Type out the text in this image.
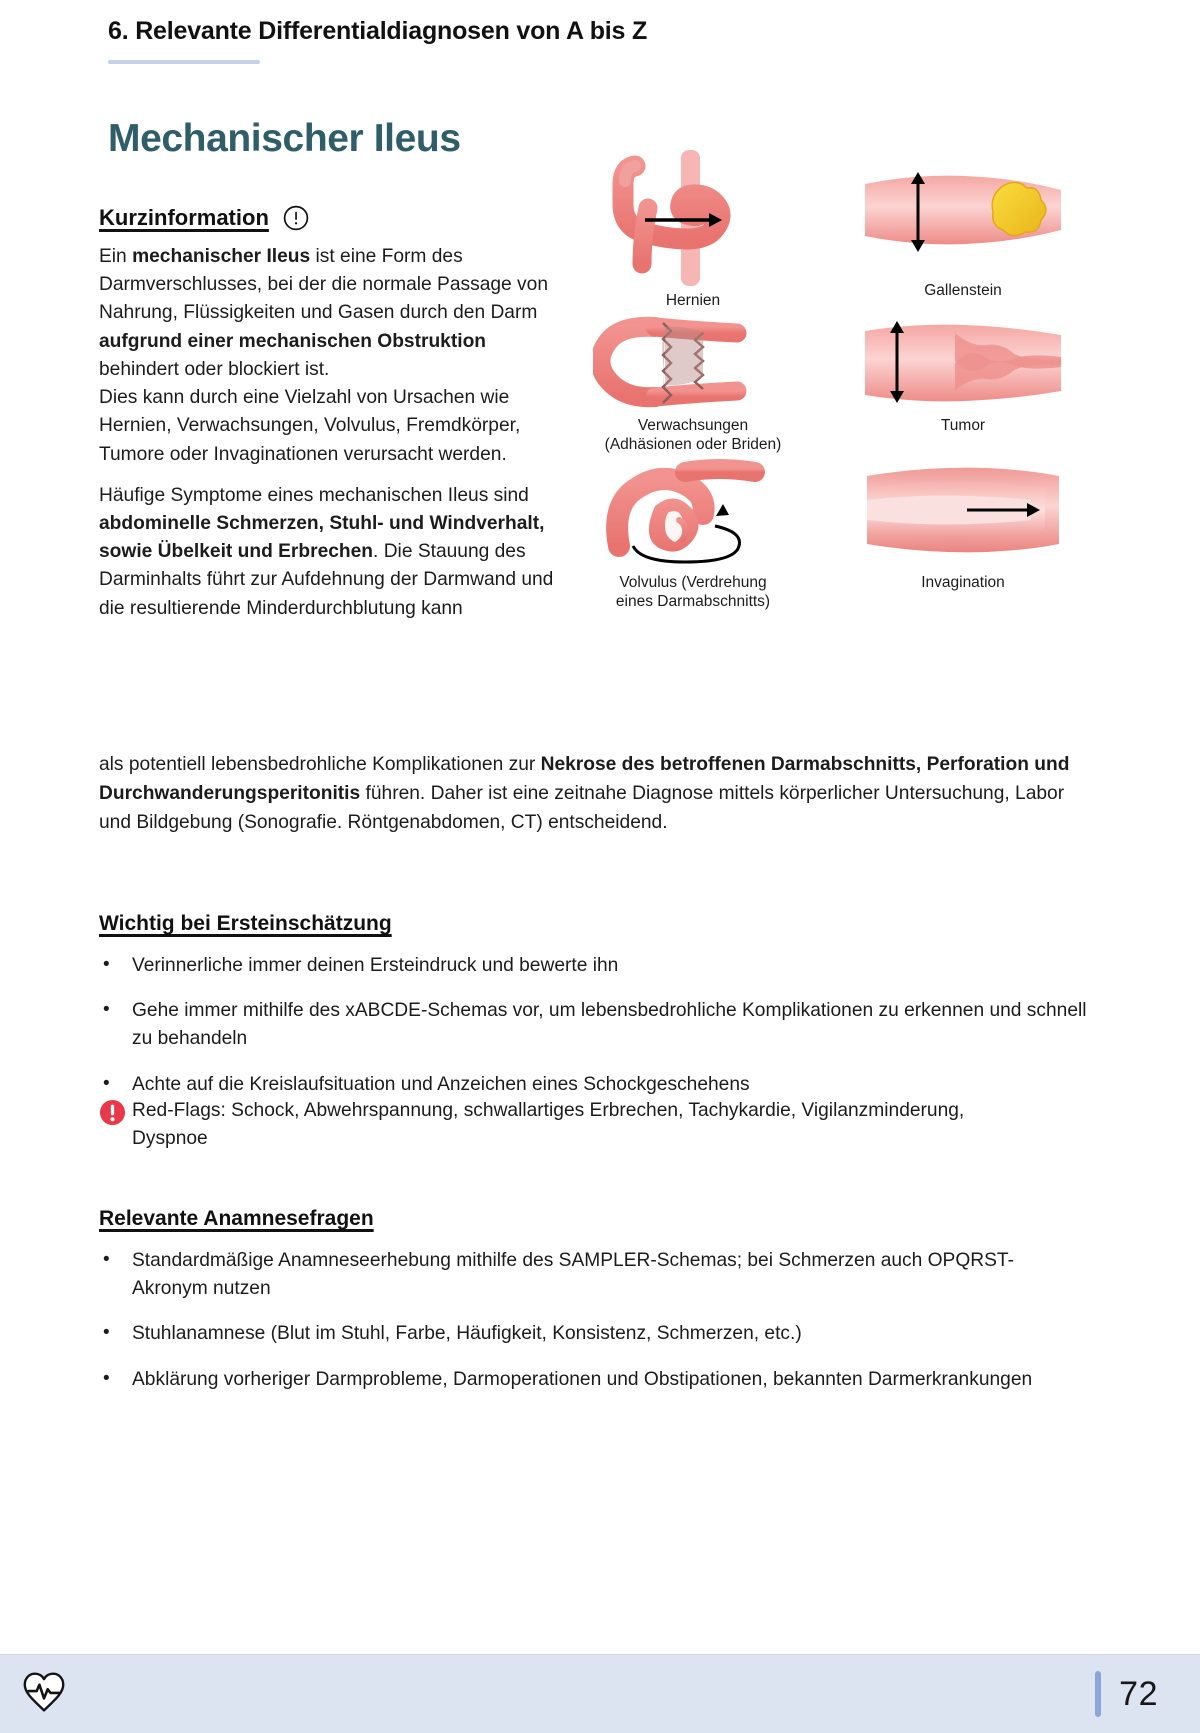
6. Relevante Differentialdiagnosen von A bis Z
Mechanischer Ileus
Kurzinformation

Ein mechanischer Ileus ist eine Form des Darmverschlusses, bei der die normale Passage von Nahrung, Flüssigkeiten und Gasen durch den Darm aufgrund einer mechanischen Obstruktion behindert oder blockiert ist.
Dies kann durch eine Vielzahl von Ursachen wie Hernien, Verwachsungen, Volvulus, Fremdkörper, Tumore oder Invaginationen verursacht werden.

Häufige Symptome eines mechanischen Ileus sind abdominelle Schmerzen, Stuhl- und Windverhalt, sowie Übelkeit und Erbrechen. Die Stauung des Darminhalts führt zur Aufdehnung der Darmwand und die resultierende Minderdurchblutung kann

als potentiell lebensbedrohliche Komplikationen zur Nekrose des betroffenen Darmabschnitts, Perforation und Durchwanderungsperitonitis führen. Daher ist eine zeitnahe Diagnose mittels körperlicher Untersuchung, Labor und Bildgebung (Sonografie. Röntgenabdomen, CT) entscheidend.
Hernien
Gallenstein
Verwachsungen
(Adhäsionen oder Briden)
Tumor
Volvulus (Verdrehung
eines Darmabschnitts)
Invagination
Wichtig bei Ersteinschätzung
• Verinnerliche immer deinen Ersteindruck und bewerte ihn
• Gehe immer mithilfe des xABCDE-Schemas vor, um lebensbedrohliche Komplikationen zu erkennen und schnell zu behandeln
• Achte auf die Kreislaufsituation und Anzeichen eines Schockgeschehens
Red-Flags: Schock, Abwehrspannung, schwallartiges Erbrechen, Tachykardie, Vigilanzminderung, Dyspnoe
Relevante Anamnesefragen
• Standardmäßige Anamneseerhebung mithilfe des SAMPLER-Schemas; bei Schmerzen auch OPQRST-Akronym nutzen
• Stuhlanamnese (Blut im Stuhl, Farbe, Häufigkeit, Konsistenz, Schmerzen, etc.)
• Abklärung vorheriger Darmprobleme, Darmoperationen und Obstipationen, bekannten Darmerkrankungen
72
